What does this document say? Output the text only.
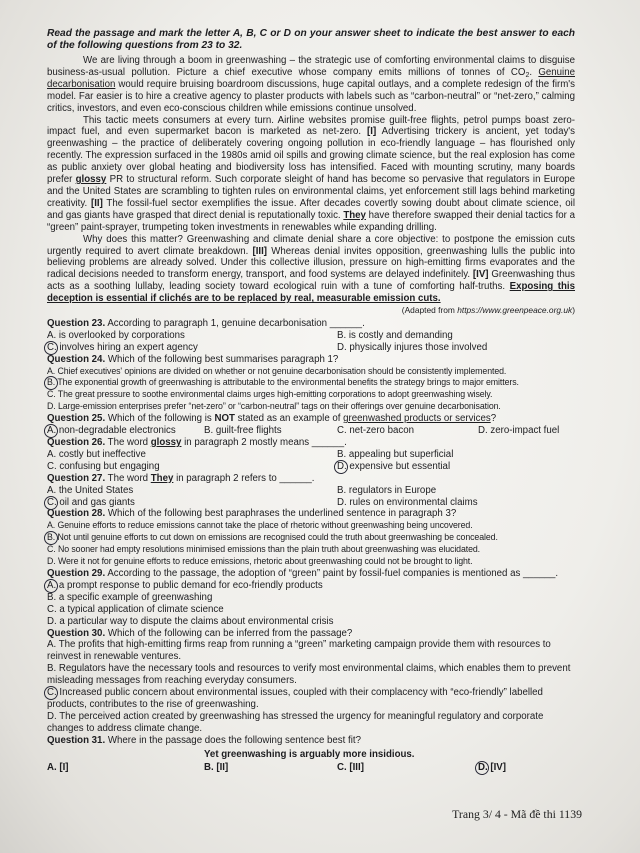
Read the passage and mark the letter A, B, C or D on your answer sheet to indicate the best answer to each of the following questions from 23 to 32.

We are living through a boom in greenwashing – the strategic use of comforting environmental claims to disguise business-as-usual pollution. Picture a chief executive whose company emits millions of tonnes of $CO_2$. Genuine decarbonisation would require bruising boardroom discussions, huge capital outlays, and a complete redesign of the firm's model. Far easier is to hire a creative agency to plaster products with labels such as “carbon-neutral” or “net-zero,” calming critics, investors, and even eco-conscious children while emissions continue unsolved.

This tactic meets consumers at every turn. Airline websites promise guilt-free flights, petrol pumps boast zero-impact fuel, and even supermarket bacon is marketed as net-zero. [I] Advertising trickery is ancient, yet today's greenwashing – the practice of deliberately covering ongoing pollution in eco-friendly language – has flourished only recently. The expression surfaced in the 1980s amid oil spills and growing climate science, but the real explosion has come as public anxiety over global heating and biodiversity loss has intensified. Faced with mounting scrutiny, many boards prefer glossy PR to structural reform. Such corporate sleight of hand has become so pervasive that regulators in Europe and the United States are scrambling to tighten rules on environmental claims, yet enforcement still lags behind marketing creativity. [II] The fossil-fuel sector exemplifies the issue. After decades covertly sowing doubt about climate science, oil and gas giants have grasped that direct denial is reputationally toxic. They have therefore swapped their denial tactics for a “green” paint-sprayer, trumpeting token investments in renewables while expanding drilling.

Why does this matter? Greenwashing and climate denial share a core objective: to postpone the emission cuts urgently required to avert climate breakdown. [III] Whereas denial invites opposition, greenwashing lulls the public into believing problems are already solved. Under this collective illusion, pressure on high-emitting firms evaporates and the radical decisions needed to transform energy, transport, and food systems are delayed indefinitely. [IV] Greenwashing thus acts as a soothing lullaby, leading society toward ecological ruin with a tune of comforting half-truths. Exposing this deception is essential if clichés are to be replaced by real, measurable emission cuts.

(Adapted from https://www.greenpeace.org.uk)

Question 23. According to paragraph 1, genuine decarbonisation ______.
A. is overlooked by corporations	B. is costly and demanding
C. involves hiring an expert agency	D. physically injures those involved
Question 24. Which of the following best summarises paragraph 1?
A. Chief executives' opinions are divided on whether or not genuine decarbonisation should be consistently implemented.
B. The exponential growth of greenwashing is attributable to the environmental benefits the strategy brings to major emitters.
C. The great pressure to soothe environmental claims urges high-emitting corporations to adopt greenwashing wisely.
D. Large-emission enterprises prefer “net-zero” or “carbon-neutral” tags on their offerings over genuine decarbonisation.
Question 25. Which of the following is NOT stated as an example of greenwashed products or services?
A. non-degradable electronics	B. guilt-free flights	C. net-zero bacon	D. zero-impact fuel
Question 26. The word glossy in paragraph 2 mostly means ______.
A. costly but ineffective	B. appealing but superficial
C. confusing but engaging	D. expensive but essential
Question 27. The word They in paragraph 2 refers to ______.
A. the United States	B. regulators in Europe
C. oil and gas giants	D. rules on environmental claims
Question 28. Which of the following best paraphrases the underlined sentence in paragraph 3?
A. Genuine efforts to reduce emissions cannot take the place of rhetoric without greenwashing being uncovered.
B. Not until genuine efforts to cut down on emissions are recognised could the truth about greenwashing be concealed.
C. No sooner had empty resolutions minimised emissions than the plain truth about greenwashing was elucidated.
D. Were it not for genuine efforts to reduce emissions, rhetoric about greenwashing could not be brought to light.
Question 29. According to the passage, the adoption of “green” paint by fossil-fuel companies is mentioned as ______.
A. a prompt response to public demand for eco-friendly products
B. a specific example of greenwashing
C. a typical application of climate science
D. a particular way to dispute the claims about environmental crisis
Question 30. Which of the following can be inferred from the passage?
A. The profits that high-emitting firms reap from running a “green” marketing campaign provide them with resources to reinvest in renewable ventures.
B. Regulators have the necessary tools and resources to verify most environmental claims, which enables them to prevent misleading messages from reaching everyday consumers.
C. Increased public concern about environmental issues, coupled with their complacency with “eco-friendly” labelled products, contributes to the rise of greenwashing.
D. The perceived action created by greenwashing has stressed the urgency for meaningful regulatory and corporate changes to address climate change.
Question 31. Where in the passage does the following sentence best fit?
Yet greenwashing is arguably more insidious.
A. [I]	B. [II]	C. [III]	D. [IV]
Trang 3/ 4 - Mã đề thi 1139
